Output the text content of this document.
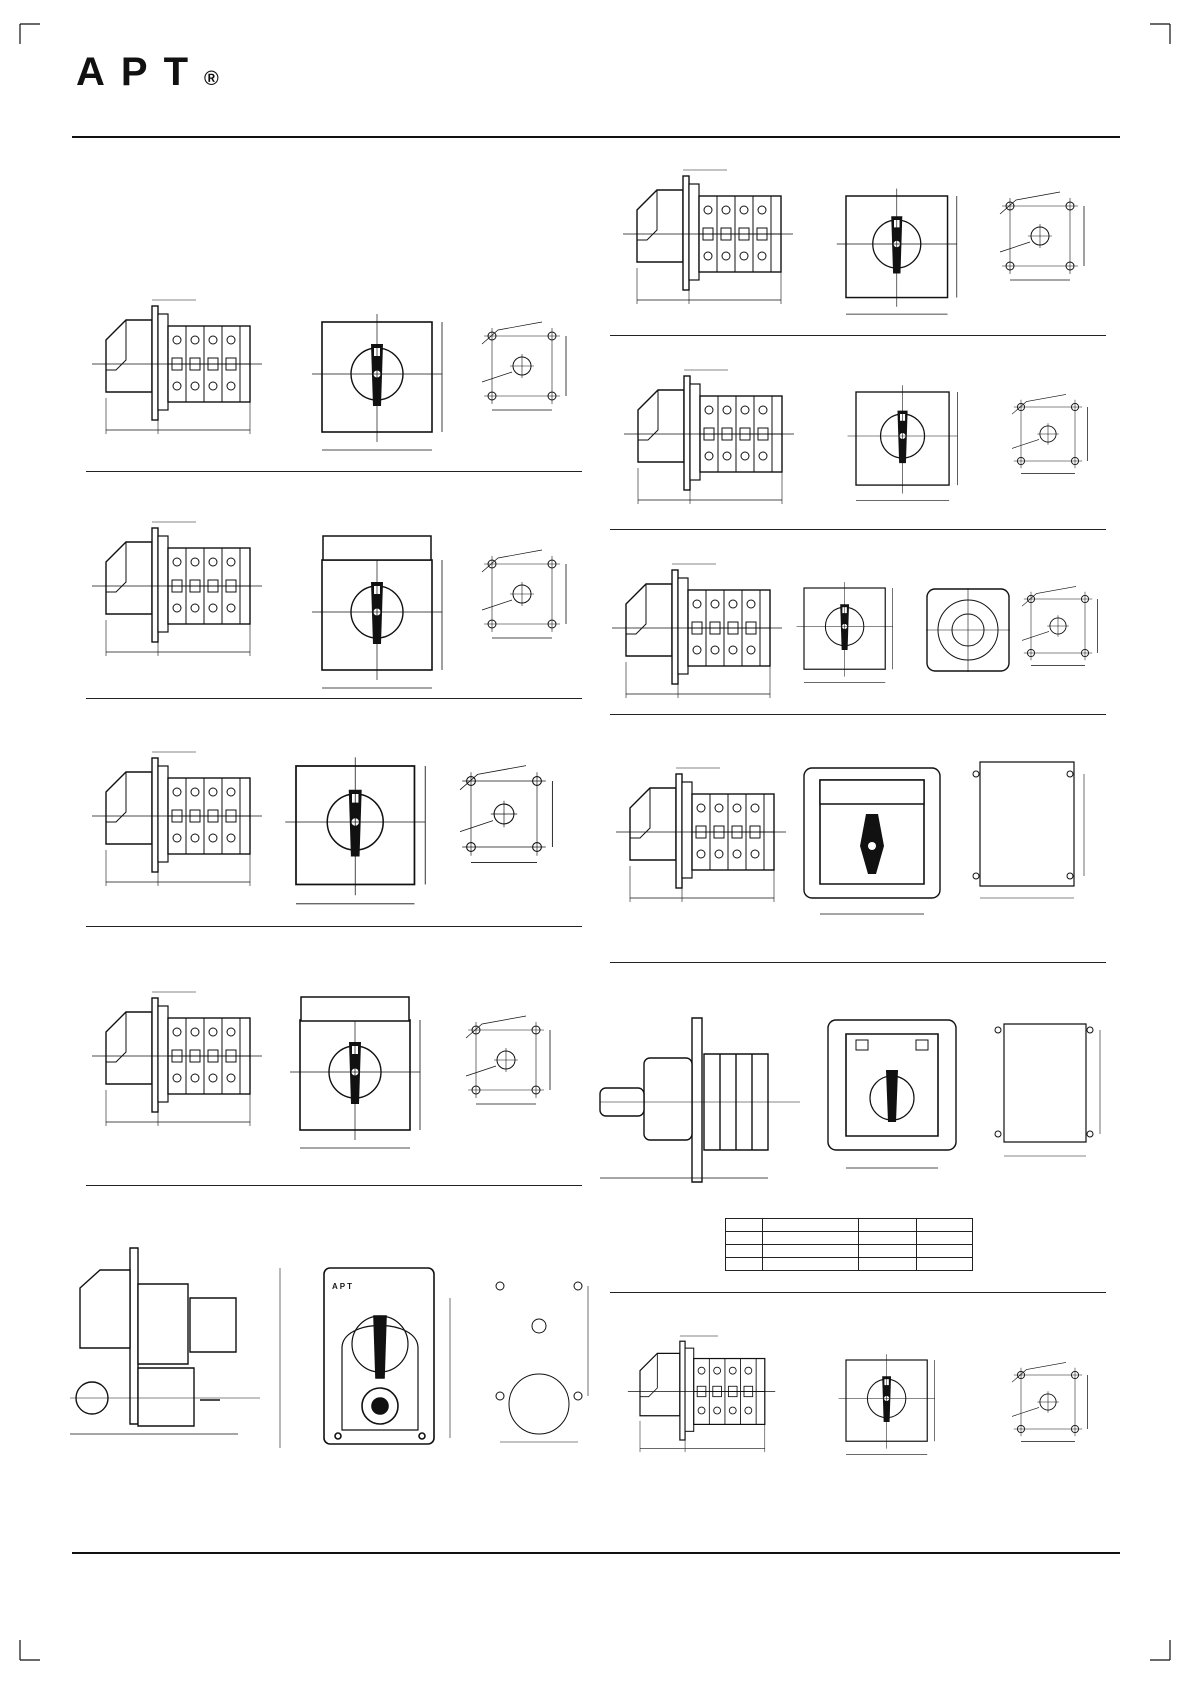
APT®

APT
